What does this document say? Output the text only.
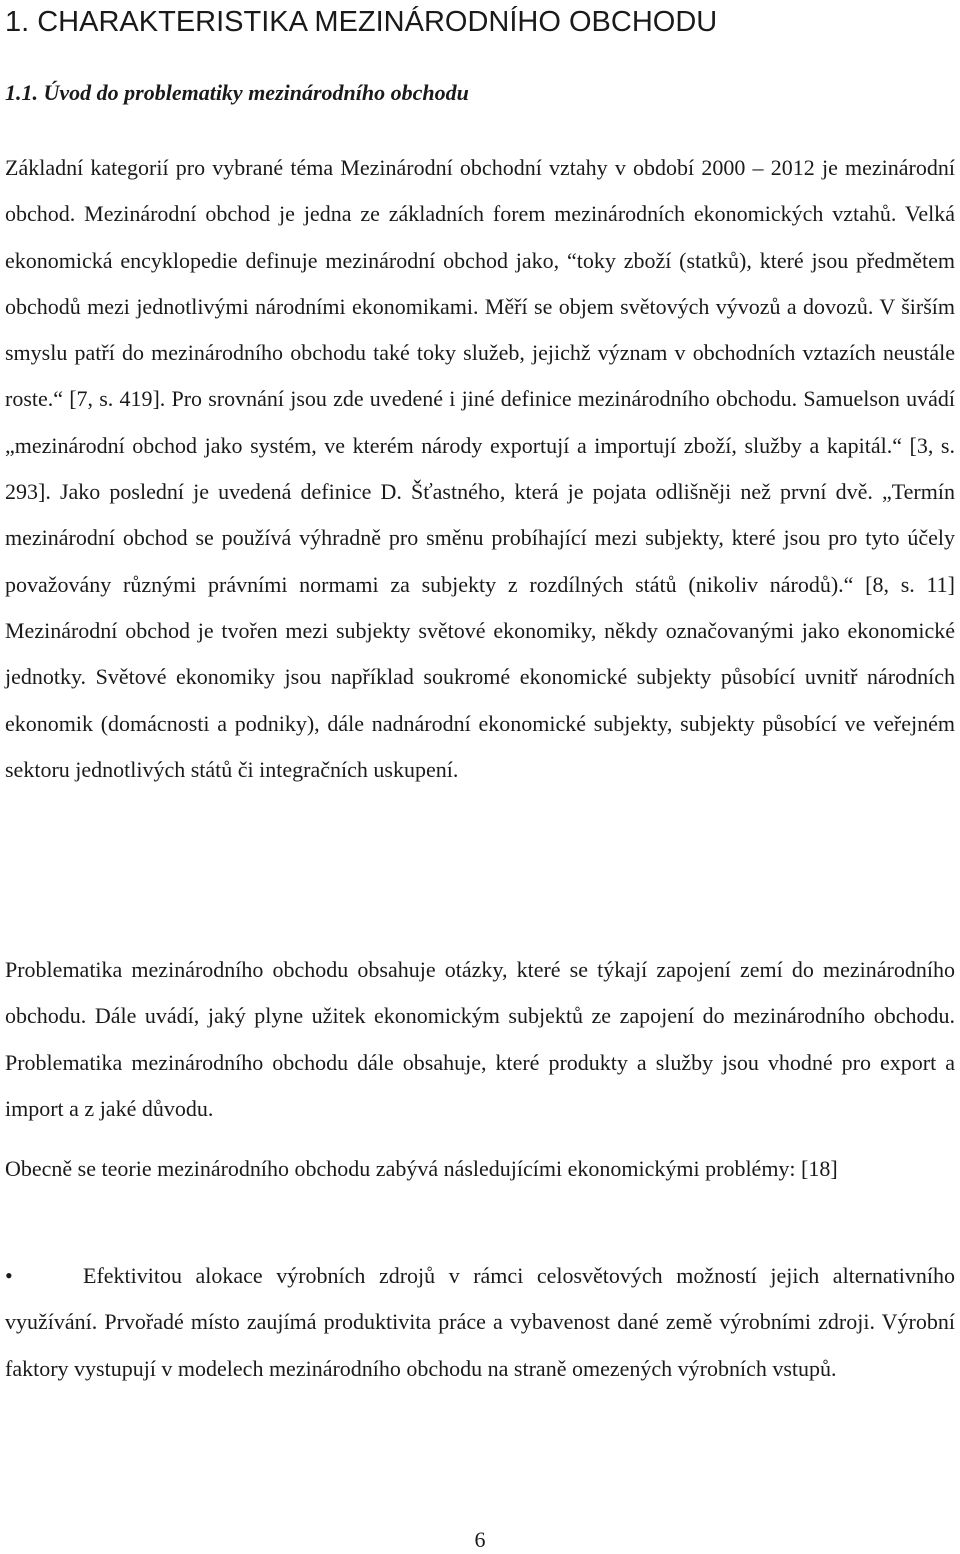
1. CHARAKTERISTIKA MEZINÁRODNÍHO OBCHODU
1.1. Úvod do problematiky mezinárodního obchodu

Základní kategorií pro vybrané téma Mezinárodní obchodní vztahy v období 2000 – 2012 je mezinárodní obchod. Mezinárodní obchod je jedna ze základních forem mezinárodních ekonomických vztahů. Velká ekonomická encyklopedie definuje mezinárodní obchod jako, “toky zboží (statků), které jsou předmětem obchodů mezi jednotlivými národními ekonomikami. Měří se objem světových vývozů a dovozů. V širším smyslu patří do mezinárodního obchodu také toky služeb, jejichž význam v obchodních vztazích neustále roste.“ [7, s. 419]. Pro srovnání jsou zde uvedené i jiné definice mezinárodního obchodu. Samuelson uvádí „mezinárodní obchod jako systém, ve kterém národy exportují a importují zboží, služby a kapitál.“ [3, s. 293]. Jako poslední je uvedená definice D. Šťastného, která je pojata odlišněji než první dvě. „Termín mezinárodní obchod se používá výhradně pro směnu probíhající mezi subjekty, které jsou pro tyto účely považovány různými právními normami za subjekty z rozdílných států (nikoliv národů).“ [8, s. 11] Mezinárodní obchod je tvořen mezi subjekty světové ekonomiky, někdy označovanými jako ekonomické jednotky. Světové ekonomiky jsou například soukromé ekonomické subjekty působící uvnitř národních ekonomik (domácnosti a podniky), dále nadnárodní ekonomické subjekty, subjekty působící ve veřejném sektoru jednotlivých států či integračních uskupení.

Problematika mezinárodního obchodu obsahuje otázky, které se týkají zapojení zemí do mezinárodního obchodu. Dále uvádí, jaký plyne užitek ekonomickým subjektů ze zapojení do mezinárodního obchodu. Problematika mezinárodního obchodu dále obsahuje, které produkty a služby jsou vhodné pro export a import a z jaké důvodu.

Obecně se teorie mezinárodního obchodu zabývá následujícími ekonomickými problémy: [18]

•	Efektivitou alokace výrobních zdrojů v rámci celosvětových možností jejich alternativního využívání. Prvořadé místo zaujímá produktivita práce a vybavenost dané země výrobními zdroji. Výrobní faktory vystupují v modelech mezinárodního obchodu na straně omezených výrobních vstupů.

6
